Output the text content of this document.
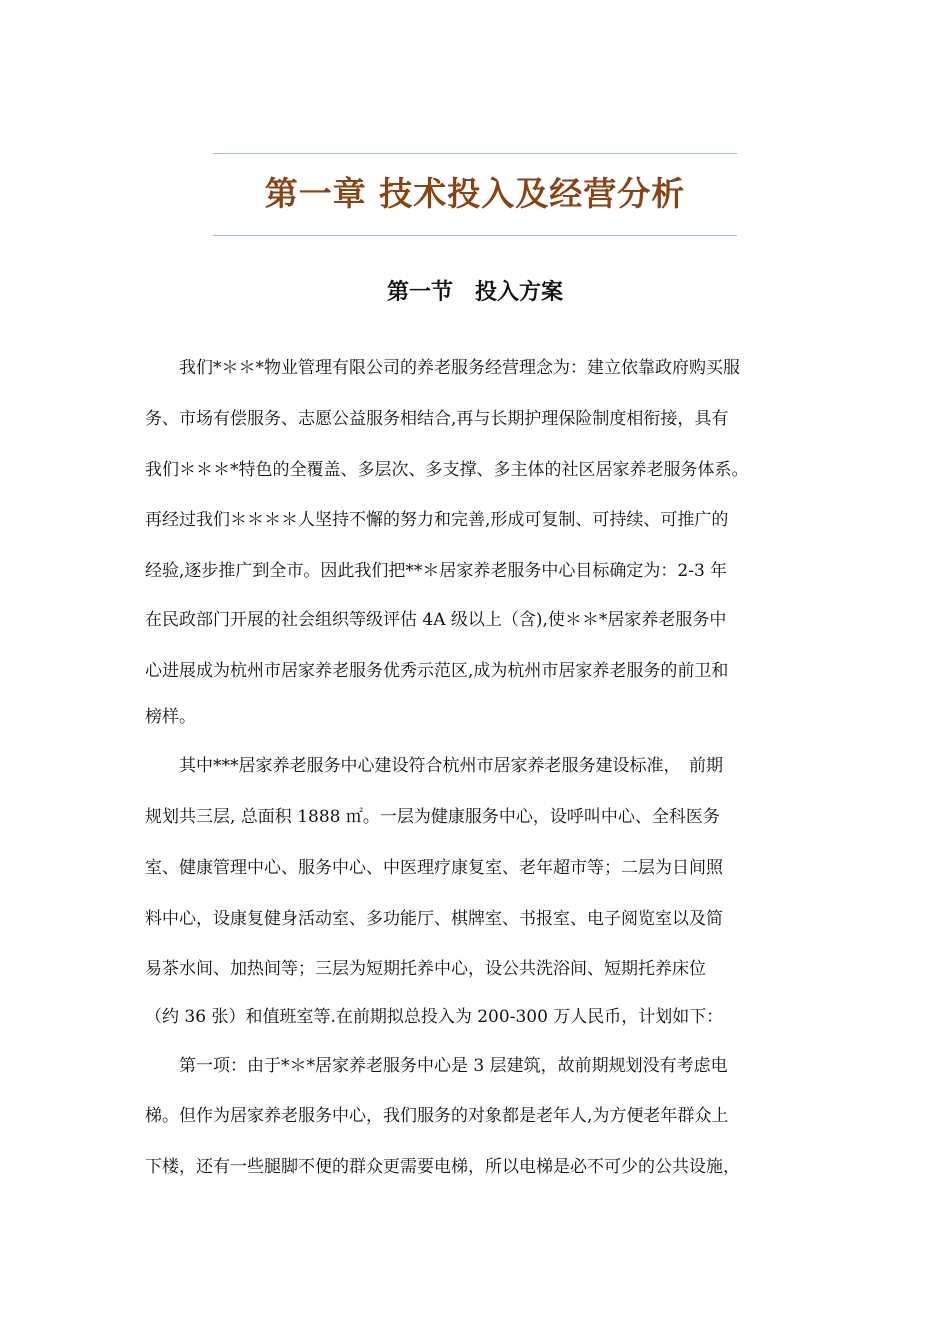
第一章 技术投入及经营分析
第一节　投入方案
　　我们*＊＊*物业管理有限公司的养老服务经营理念为：建立依靠政府购买服
务、市场有偿服务、志愿公益服务相结合,再与长期护理保险制度相衔接，具有
我们＊＊＊*特色的全覆盖、多层次、多支撑、多主体的社区居家养老服务体系。
再经过我们＊＊＊＊人坚持不懈的努力和完善,形成可复制、可持续、可推广的
经验,逐步推广到全市。因此我们把**＊居家养老服务中心目标确定为：2-3 年
在民政部门开展的社会组织等级评估 4A 级以上（含),使＊＊*居家养老服务中
心进展成为杭州市居家养老服务优秀示范区,成为杭州市居家养老服务的前卫和
榜样。
　　其中***居家养老服务中心建设符合杭州市居家养老服务建设标准，　前期
规划共三层, 总面积 1888 ㎡。一层为健康服务中心，设呼叫中心、全科医务
室、健康管理中心、服务中心、中医理疗康复室、老年超市等；二层为日间照
料中心，设康复健身活动室、多功能厅、棋牌室、书报室、电子阅览室以及简
易茶水间、加热间等；三层为短期托养中心，设公共洗浴间、短期托养床位
（约 36 张）和值班室等.在前期拟总投入为 200-300 万人民币，计划如下：
　　第一项：由于*＊*居家养老服务中心是 3 层建筑，故前期规划没有考虑电
梯。但作为居家养老服务中心，我们服务的对象都是老年人,为方便老年群众上
下楼，还有一些腿脚不便的群众更需要电梯，所以电梯是必不可少的公共设施，
